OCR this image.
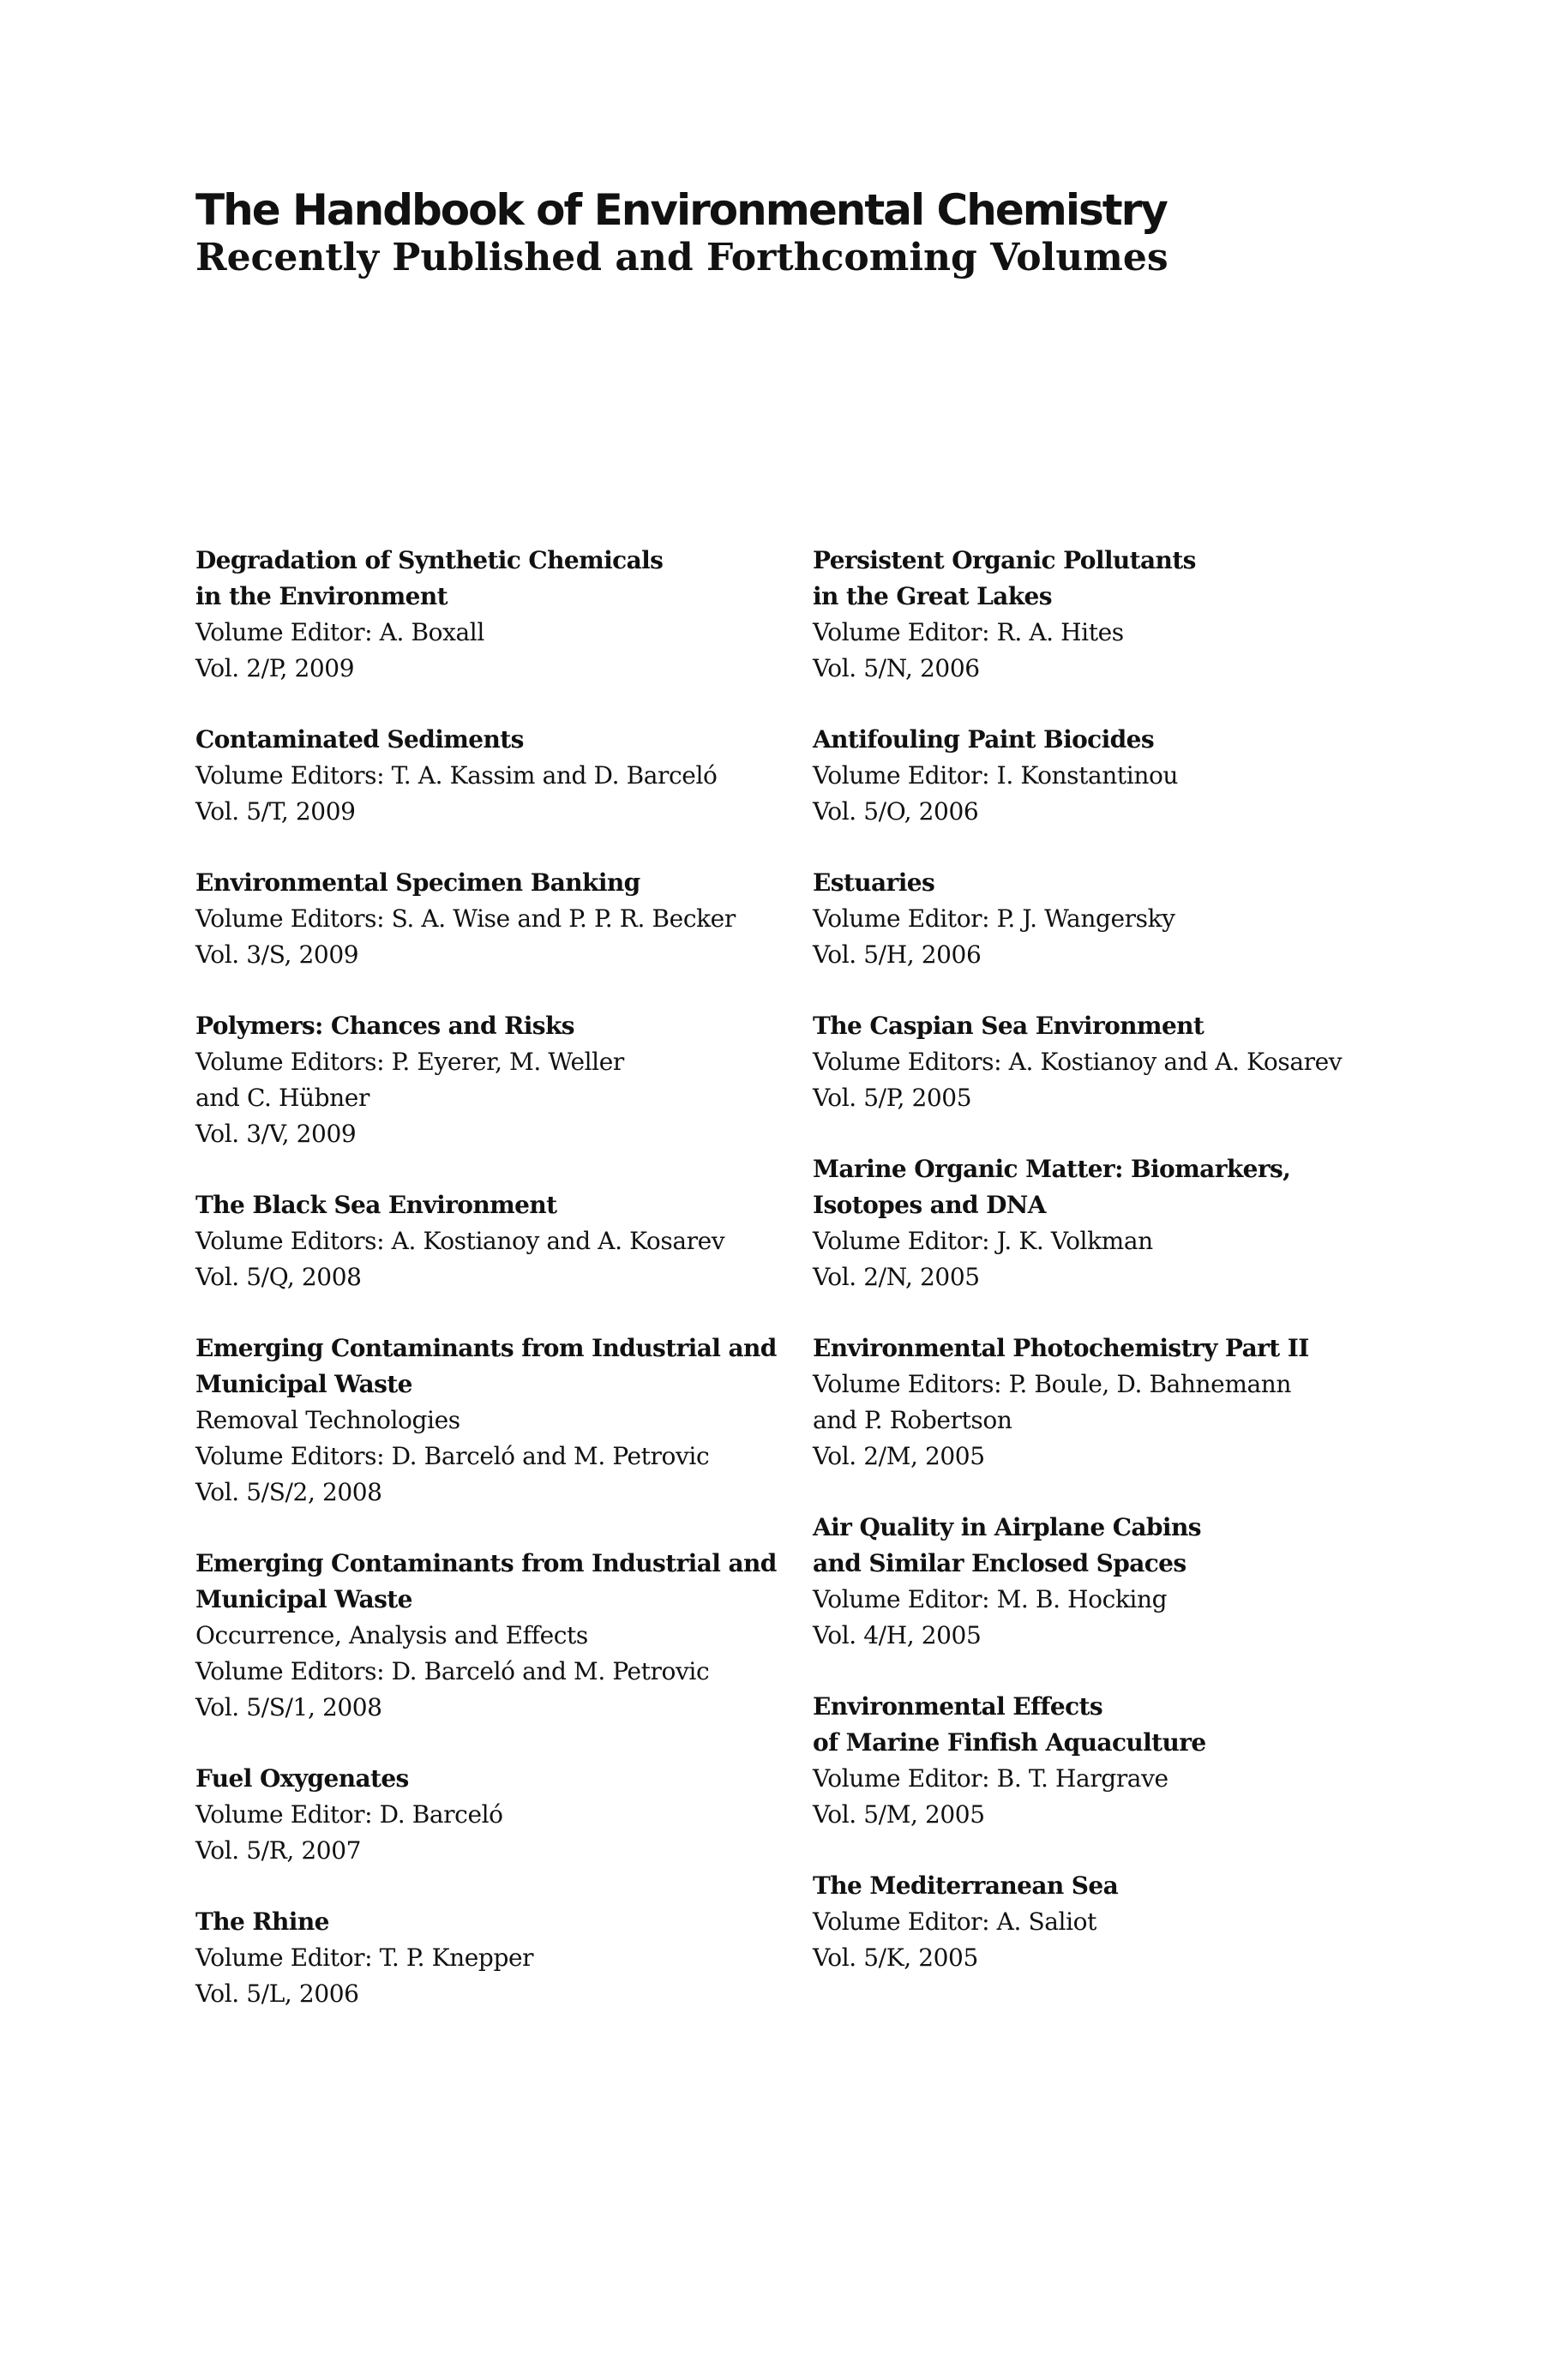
The Handbook of Environmental Chemistry
Recently Published and Forthcoming Volumes
Degradation of Synthetic Chemicals
in the Environment
Volume Editor: A. Boxall
Vol. 2/P, 2009
Contaminated Sediments
Volume Editors: T. A. Kassim and D. Barceló
Vol. 5/T, 2009
Environmental Specimen Banking
Volume Editors: S. A. Wise and P. P. R. Becker
Vol. 3/S, 2009
Polymers: Chances and Risks
Volume Editors: P. Eyerer, M. Weller
and C. Hübner
Vol. 3/V, 2009
The Black Sea Environment
Volume Editors: A. Kostianoy and A. Kosarev
Vol. 5/Q, 2008
Emerging Contaminants from Industrial and
Municipal Waste
Removal Technologies
Volume Editors: D. Barceló and M. Petrovic
Vol. 5/S/2, 2008
Emerging Contaminants from Industrial and
Municipal Waste
Occurrence, Analysis and Effects
Volume Editors: D. Barceló and M. Petrovic
Vol. 5/S/1, 2008
Fuel Oxygenates
Volume Editor: D. Barceló
Vol. 5/R, 2007
The Rhine
Volume Editor: T. P. Knepper
Vol. 5/L, 2006
Persistent Organic Pollutants
in the Great Lakes
Volume Editor: R. A. Hites
Vol. 5/N, 2006
Antifouling Paint Biocides
Volume Editor: I. Konstantinou
Vol. 5/O, 2006
Estuaries
Volume Editor: P. J. Wangersky
Vol. 5/H, 2006
The Caspian Sea Environment
Volume Editors: A. Kostianoy and A. Kosarev
Vol. 5/P, 2005
Marine Organic Matter: Biomarkers,
Isotopes and DNA
Volume Editor: J. K. Volkman
Vol. 2/N, 2005
Environmental Photochemistry Part II
Volume Editors: P. Boule, D. Bahnemann
and P. Robertson
Vol. 2/M, 2005
Air Quality in Airplane Cabins
and Similar Enclosed Spaces
Volume Editor: M. B. Hocking
Vol. 4/H, 2005
Environmental Effects
of Marine Finfish Aquaculture
Volume Editor: B. T. Hargrave
Vol. 5/M, 2005
The Mediterranean Sea
Volume Editor: A. Saliot
Vol. 5/K, 2005
